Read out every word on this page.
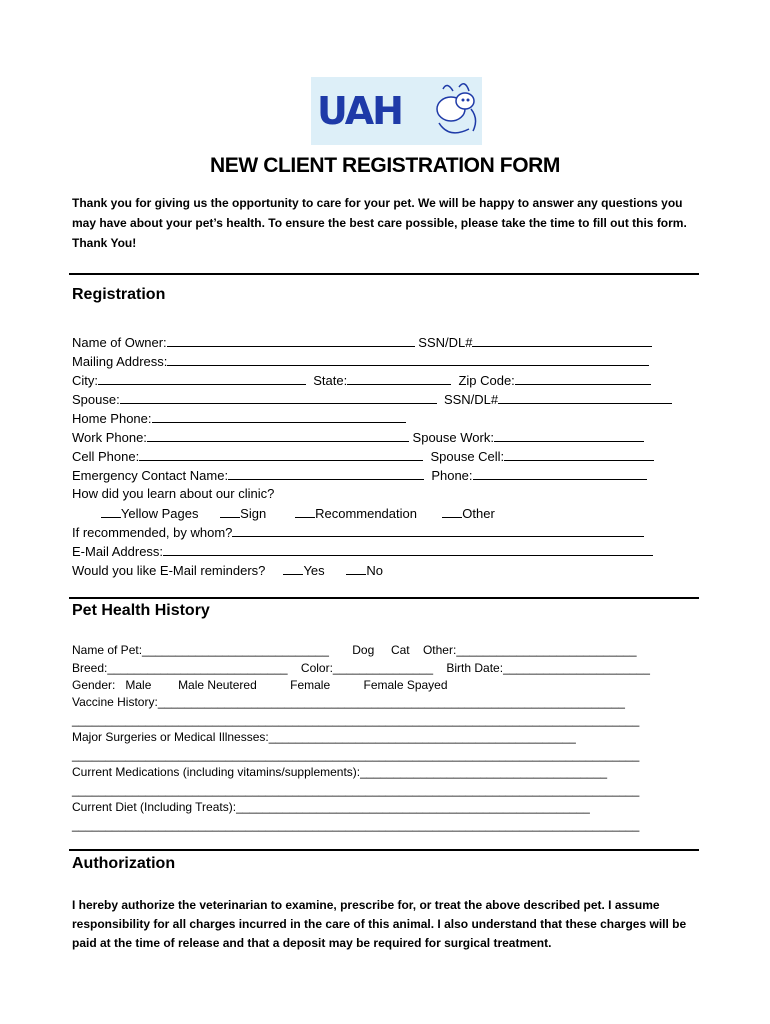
UAH
NEW CLIENT REGISTRATION FORM
Thank you for giving us the opportunity to care for your pet. We will be happy to answer any questions you may have about your pet’s health. To ensure the best care possible, please take the time to fill out this form. Thank You!
Registration
Name of Owner:	SSN/DL#
Mailing Address:
City:	State:	Zip Code:
Spouse:	SSN/DL#
Home Phone:
Work Phone:	Spouse Work:
Cell Phone:	Spouse Cell:
Emergency Contact Name:	Phone:
How did you learn about our clinic?
Yellow Pages	Sign	Recommendation	Other
If recommended, by whom?
E-Mail Address:
Would you like E-Mail reminders?	Yes	No
Pet Health History
Name of Pet:____________________________ Dog Cat Other:___________________________
Breed:___________________________ Color:_______________ Birth Date:______________________
Gender: Male Male Neutered	Female	Female Spayed
Vaccine History:______________________________________________________________________
_____________________________________________________________________________________
Major Surgeries or Medical Illnesses:______________________________________________
_____________________________________________________________________________________
Current Medications (including vitamins/supplements):_____________________________________
_____________________________________________________________________________________
Current Diet (Including Treats):_____________________________________________________
_____________________________________________________________________________________
Authorization
I hereby authorize the veterinarian to examine, prescribe for, or treat the above described pet. I assume responsibility for all charges incurred in the care of this animal. I also understand that these charges will be paid at the time of release and that a deposit may be required for surgical treatment.
